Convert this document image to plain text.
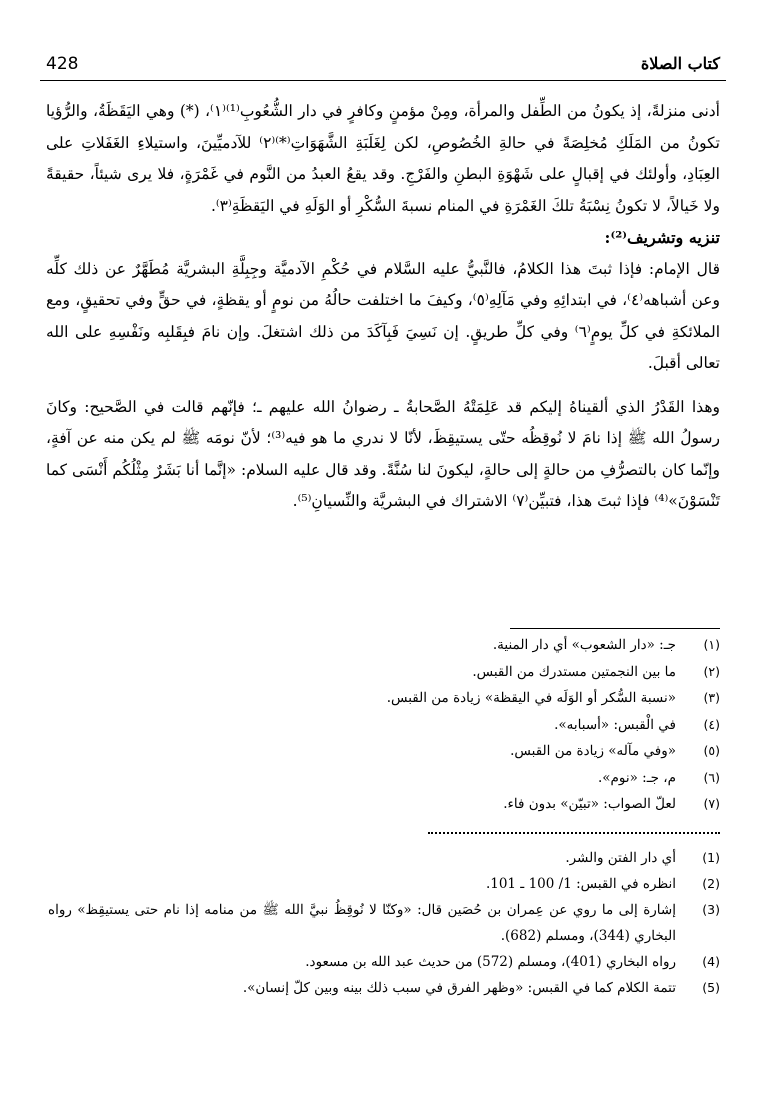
428	كتاب الصلاة

أدنى منزلةً، إذ يكونُ من الطِّفل والمرأة، ومِنْ مؤمنٍ وكافرٍ في دار الشُّعُوبِ⁽¹⁾⁽١⁾، (*) وهي اليَقَظَةُ، والرُّؤيا تكونُ من المَلَكِ مُخلِصَةً في حالةِ الخُصُوصِ، لكن لِغَلَبَةِ الشَّهَوَاتِ⁽*⁾⁽٢⁾ للآدميِّينَ، واستيلاءِ الغَفَلاتِ على العِبَادِ، وأولئك في إقبالٍ على شَهْوَةِ البطنِ والفَرْجِ. وقد يقعُ العبدُ من النَّوم في غَمْرَةٍ، فلا يرى شيئاً، حقيقةً ولا خَيالاً، لا تكونُ نِسْبَةُ تلكَ الغَمْرَةِ في المنام نسبةَ السُّكْرِ أو الوَلَهِ في اليَقظَةِ⁽٣⁾.

تنزيه وتشريف⁽²⁾:

قال الإمام: فإذا ثبتَ هذا الكلامُ، فالنَّبيُّ عليه السَّلام في حُكْمِ الآدميَّة وجِبِلَّةِ البشريَّة مُطَهَّرٌ عن ذلك كلِّه وعن أشباهه⁽٤⁾، في ابتدائِهِ وفي مَآلِهِ⁽٥⁾، وكيفَ ما اختلفت حالُهُ من نومٍ أو يقظةٍ، في حقٍّ وفي تحقيقٍ، ومع الملائكةِ في كلِّ يومٍ⁽٦⁾ وفي كلِّ طريقٍ. إن نَسِيَ فَبِآكَدَ من ذلك اشتغلَ. وإن نامَ فبِقَلبِه ونَفْسِهِ على الله تعالى أقبلَ.

وهذا القَدْرُ الذي ألقيناهُ إليكم قد عَلِمَتْهُ الصَّحابةُ ـ رضوانُ الله عليهم ـ؛ فإنّهم قالت في الصَّحيح: وكانَ رسولُ الله ﷺ إذا نامَ لا نُوقِظُه حتّى يستيقِظَ، لأنّا لا ندري ما هو فيه⁽³⁾؛ لأنّ نومَه ﷺ لم يكن منه عن آفةٍ، وإنّما كان بالتصرُّفِ من حالةٍ إلى حالةٍ، ليكونَ لنا سُنَّةً. وقد قال عليه السلام: «إنَّما أنا بَشَرٌ مِثْلُكُم أَنْسَى كما تَنْسَوْنَ»⁽⁴⁾ فإذا ثبتَ هذا، فتبيِّن⁽٧⁾ الاشتراك في البشريَّة والنِّسيانِ⁽⁵⁾.

(١)
جـ: «دار الشعوب» أي دار المنية.
(٢)
ما بين النجمتين مستدرك من القبس.
(٣)
«نسبة السُّكر أو الوَلَه في اليقظة» زيادة من القبس.
(٤)
في الْقبس: «أسبابه».
(٥)
«وفي مآله» زيادة من القبس.
(٦)
م، جـ: «نوم».
(٧)
لعلّ الصواب: «تبيّن» بدون فاء.
(1)
أي دار الفتن والشر.
(2)
انظره في القبس: 1/ 100 ـ 101.
(3)
إشارة إلى ما روي عن عِمران بن حُصَين قال: «وكنّا لا نُوقِظُ نبيَّ الله ﷺ من منامه إذا نام حتى يستيقِظ» رواه البخاري (344)، ومسلم (682).
(4)
رواه البخاري (401)، ومسلم (572) من حديث عبد الله بن مسعود.
(5)
تتمة الكلام كما في القبس: «وظهر الفرق في سبب ذلك بينه وبين كلّ إنسان».
